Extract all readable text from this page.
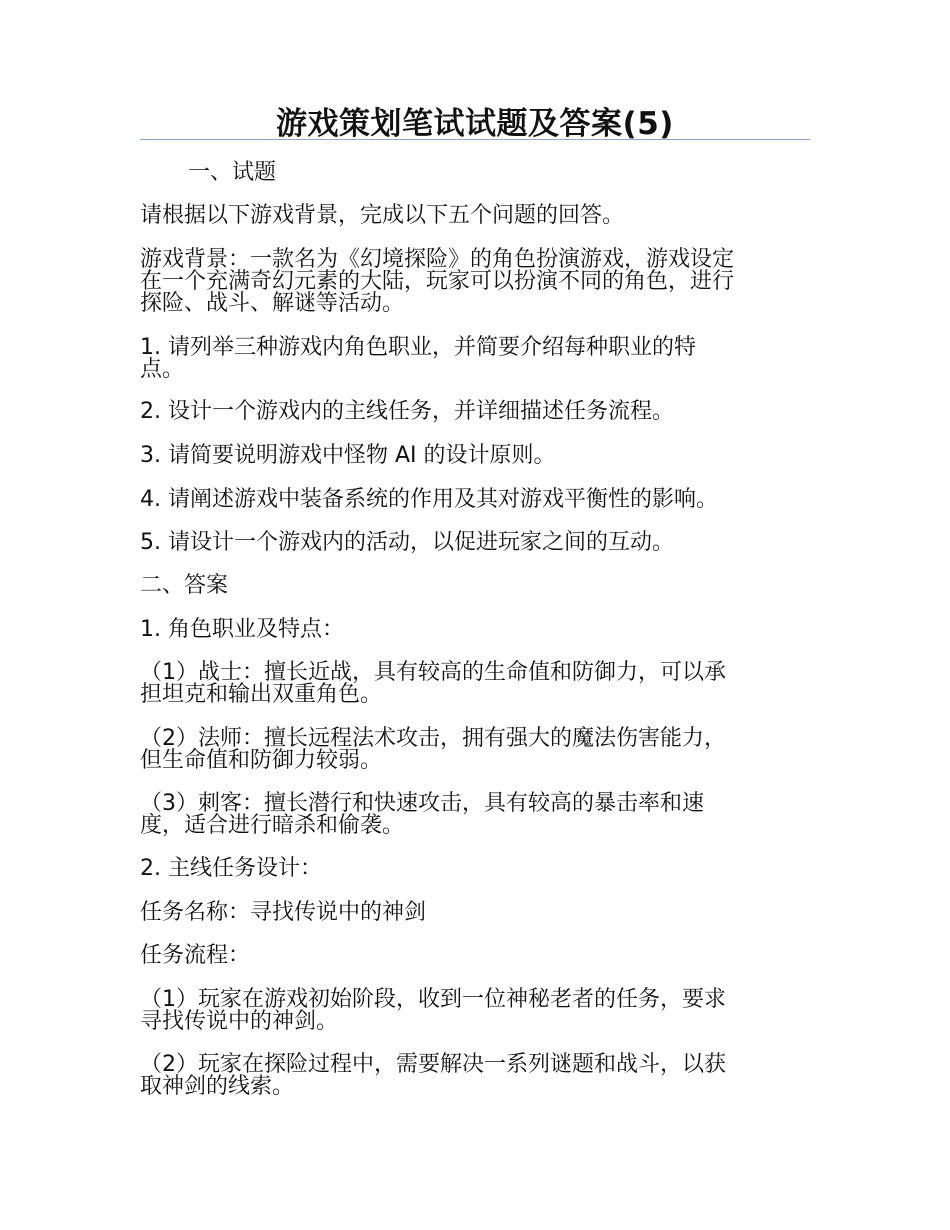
游戏策划笔试试题及答案(5)
一、试题
请根据以下游戏背景，完成以下五个问题的回答。
游戏背景：一款名为《幻境探险》的角色扮演游戏，游戏设定
在一个充满奇幻元素的大陆，玩家可以扮演不同的角色，进行
探险、战斗、解谜等活动。
1. 请列举三种游戏内角色职业，并简要介绍每种职业的特
点。
2. 设计一个游戏内的主线任务，并详细描述任务流程。
3. 请简要说明游戏中怪物 AI 的设计原则。
4. 请阐述游戏中装备系统的作用及其对游戏平衡性的影响。
5. 请设计一个游戏内的活动，以促进玩家之间的互动。
二、答案
1. 角色职业及特点：
（1）战士：擅长近战，具有较高的生命值和防御力，可以承
担坦克和输出双重角色。
（2）法师：擅长远程法术攻击，拥有强大的魔法伤害能力，
但生命值和防御力较弱。
（3）刺客：擅长潜行和快速攻击，具有较高的暴击率和速
度，适合进行暗杀和偷袭。
2. 主线任务设计：
任务名称：寻找传说中的神剑
任务流程：
（1）玩家在游戏初始阶段，收到一位神秘老者的任务，要求
寻找传说中的神剑。
（2）玩家在探险过程中，需要解决一系列谜题和战斗，以获
取神剑的线索。
